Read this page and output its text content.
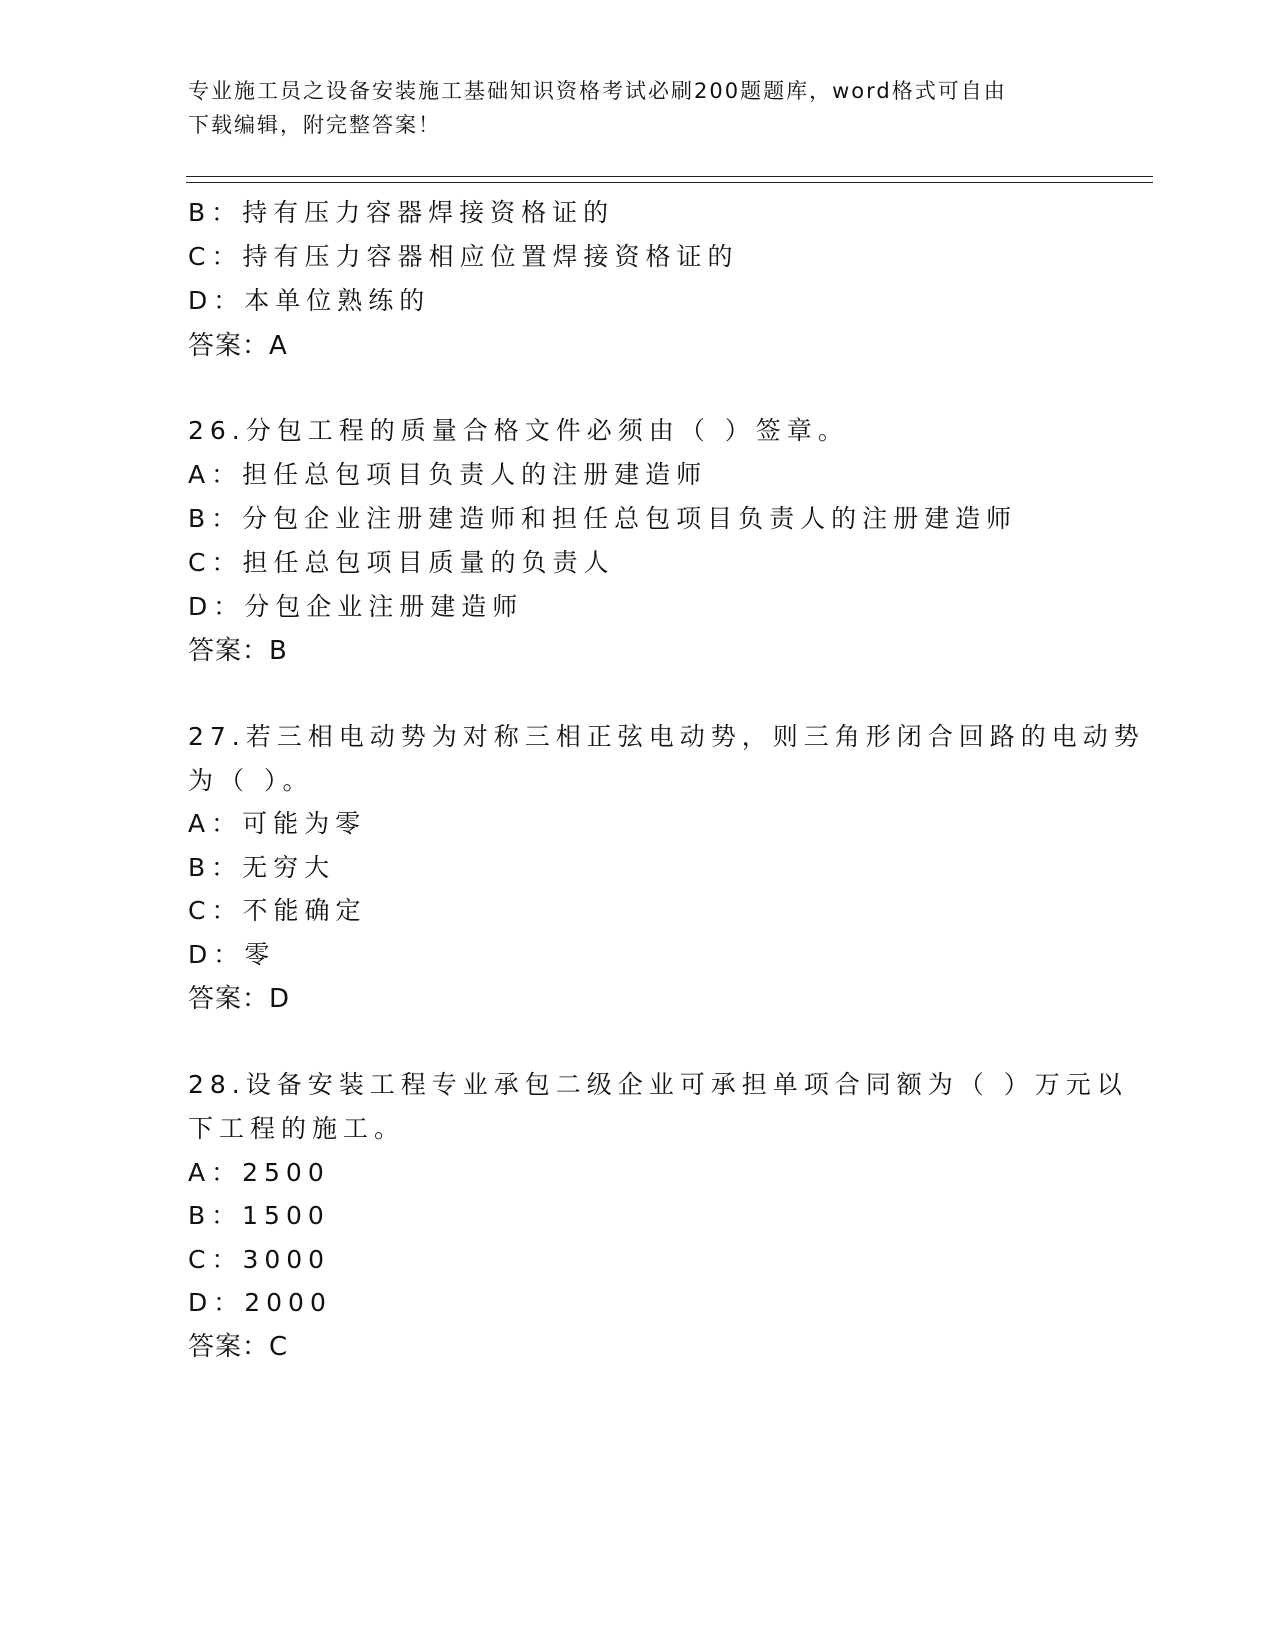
专业施工员之设备安装施工基础知识资格考试必刷200题题库，word格式可自由
下载编辑，附完整答案！
B：持有压力容器焊接资格证的
C：持有压力容器相应位置焊接资格证的
D：本单位熟练的
答案：A
26.分包工程的质量合格文件必须由（ ）签章。
A：担任总包项目负责人的注册建造师
B：分包企业注册建造师和担任总包项目负责人的注册建造师
C：担任总包项目质量的负责人
D：分包企业注册建造师
答案：B
27.若三相电动势为对称三相正弦电动势，则三角形闭合回路的电动势
为（ ）。
A：可能为零
B：无穷大
C：不能确定
D：零
答案：D
28.设备安装工程专业承包二级企业可承担单项合同额为（ ）万元以
下工程的施工。
A：2500
B：1500
C：3000
D：2000
答案：C
